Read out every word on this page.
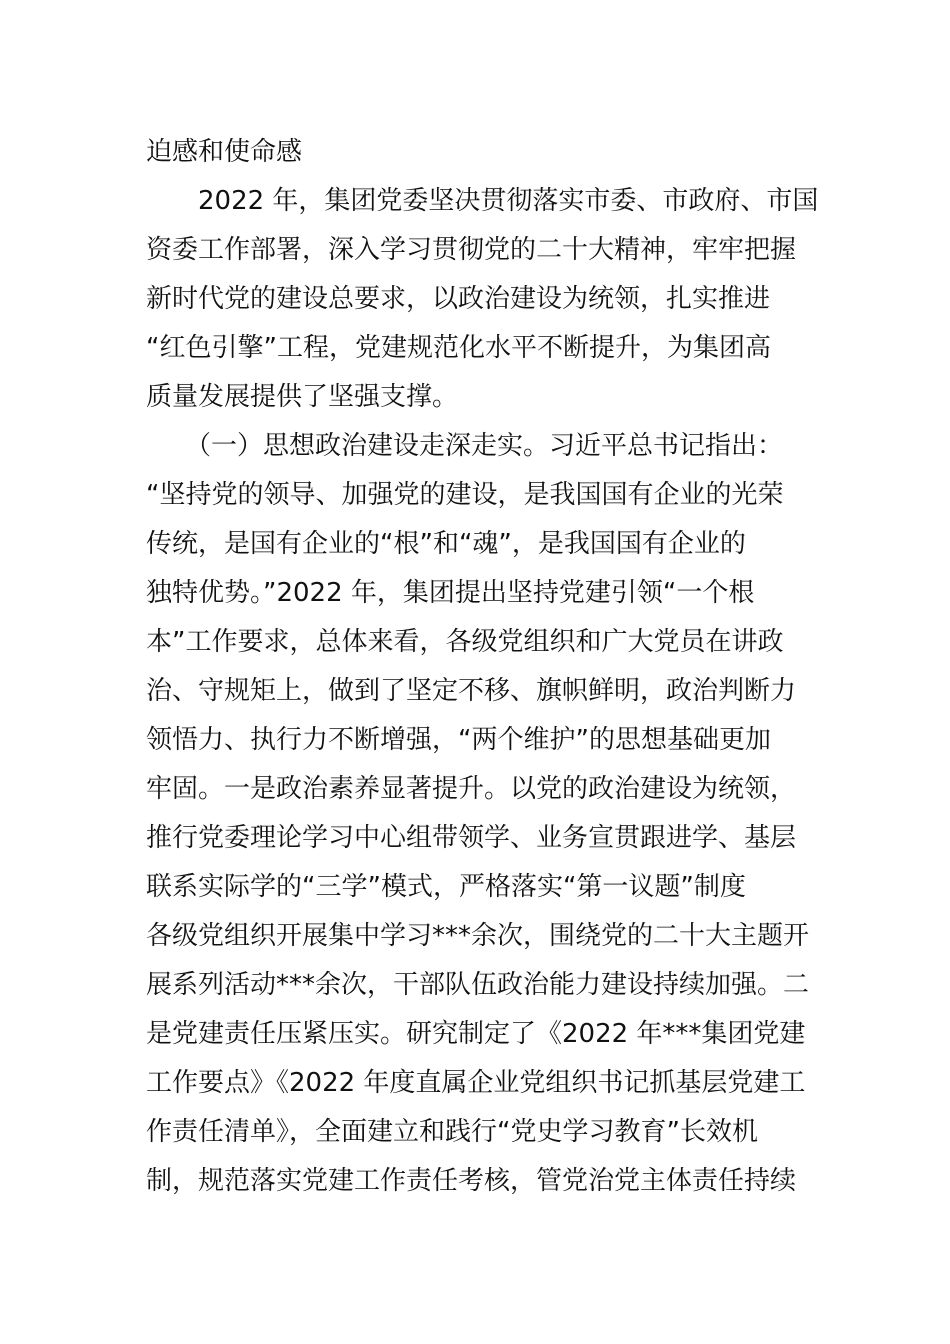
迫感和使命感
　　2022 年，集团党委坚决贯彻落实市委、市政府、市国
资委工作部署，深入学习贯彻党的二十大精神，牢牢把握
新时代党的建设总要求，以政治建设为统领，扎实推进
“红色引擎”工程，党建规范化水平不断提升，为集团高
质量发展提供了坚强支撑。
　　（一）思想政治建设走深走实。习近平总书记指出：
“坚持党的领导、加强党的建设，是我国国有企业的光荣
传统，是国有企业的“根”和“魂”，是我国国有企业的
独特优势。”2022 年，集团提出坚持党建引领“一个根
本”工作要求，总体来看，各级党组织和广大党员在讲政
治、守规矩上，做到了坚定不移、旗帜鲜明，政治判断力
领悟力、执行力不断增强，“两个维护”的思想基础更加
牢固。一是政治素养显著提升。以党的政治建设为统领，
推行党委理论学习中心组带领学、业务宣贯跟进学、基层
联系实际学的“三学”模式，严格落实“第一议题”制度
各级党组织开展集中学习***余次，围绕党的二十大主题开
展系列活动***余次，干部队伍政治能力建设持续加强。二
是党建责任压紧压实。研究制定了《2022 年***集团党建
工作要点》《2022 年度直属企业党组织书记抓基层党建工
作责任清单》，全面建立和践行“党史学习教育”长效机
制，规范落实党建工作责任考核，管党治党主体责任持续
